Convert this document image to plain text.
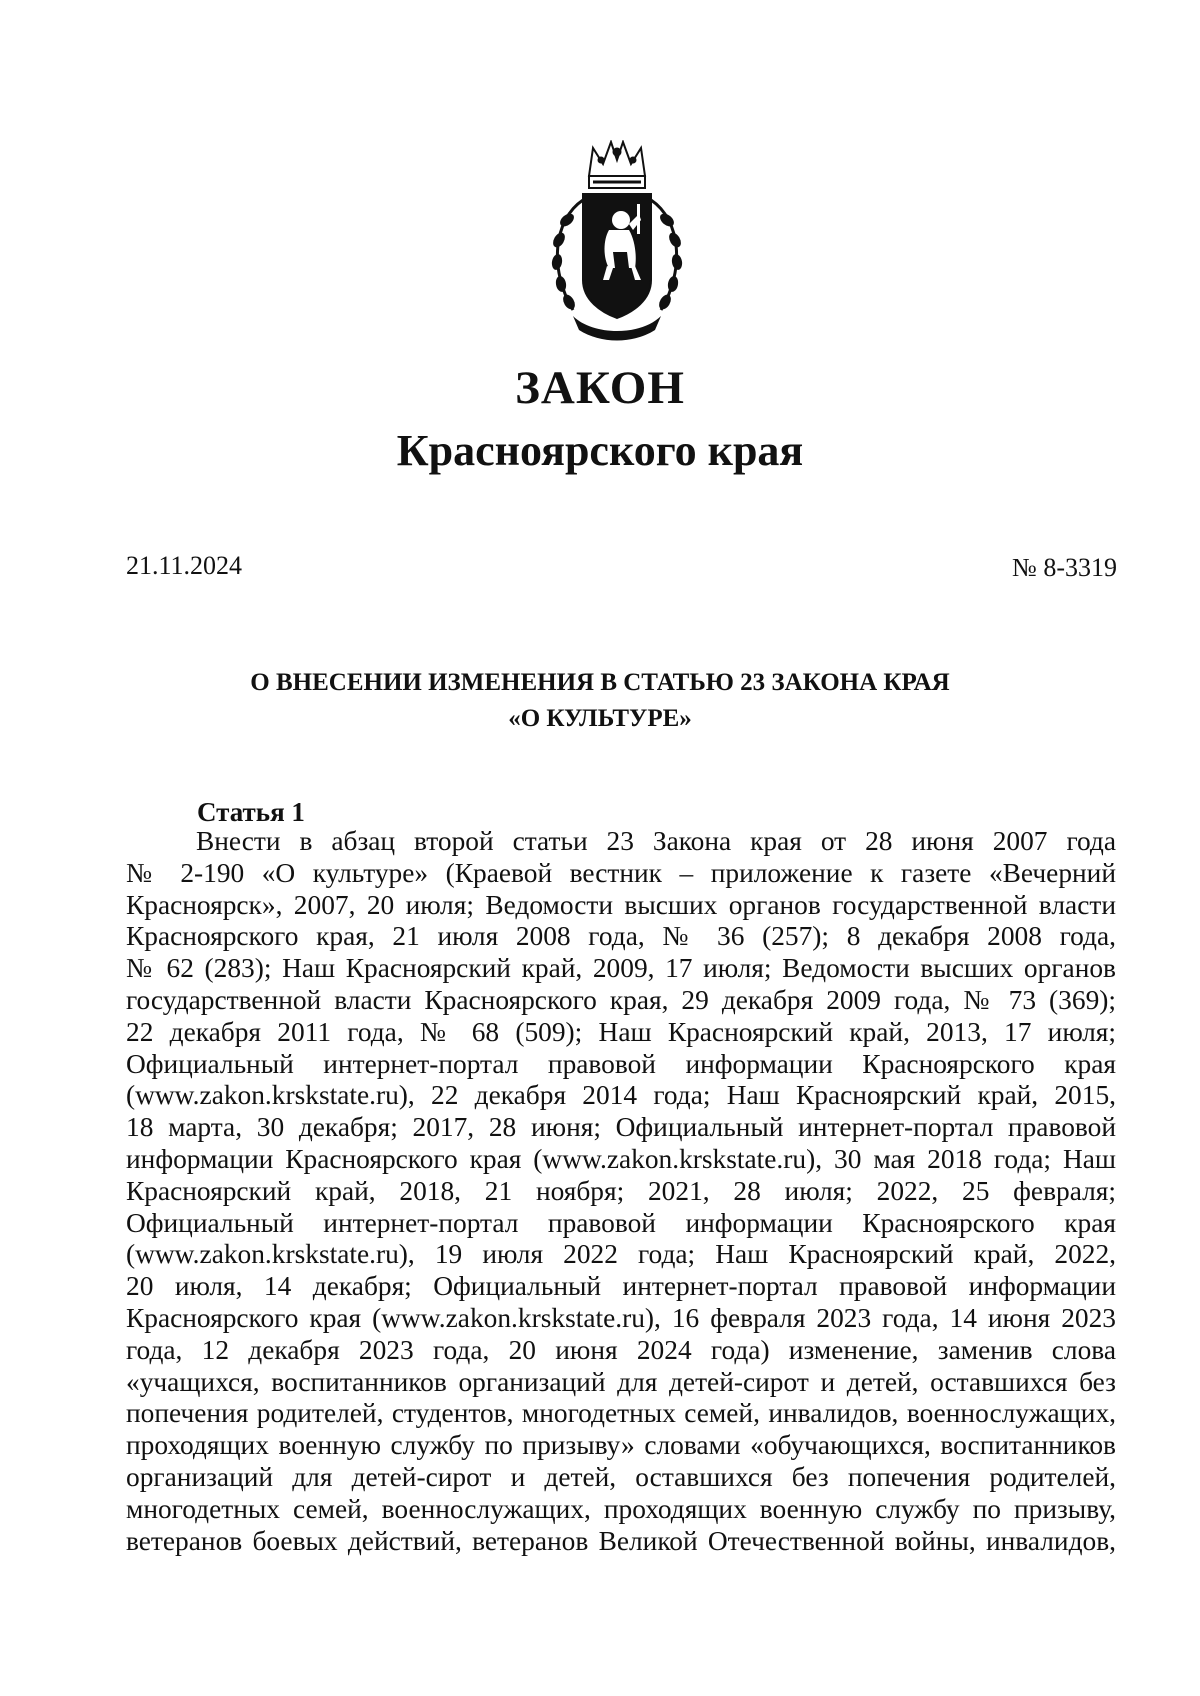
ЗАКОН
Красноярского края
21.11.2024	№ 8-3319
О ВНЕСЕНИИ ИЗМЕНЕНИЯ В СТАТЬЮ 23 ЗАКОНА КРАЯ
«О КУЛЬТУРЕ»
Статья 1
Внести в абзац второй статьи 23 Закона края от 28 июня 2007 года
№ 2-190 «О культуре» (Краевой вестник – приложение к газете «Вечерний
Красноярск», 2007, 20 июля; Ведомости высших органов государственной власти
Красноярского края, 21 июля 2008 года, № 36 (257); 8 декабря 2008 года,
№ 62 (283); Наш Красноярский край, 2009, 17 июля; Ведомости высших органов
государственной власти Красноярского края, 29 декабря 2009 года, № 73 (369);
22 декабря 2011 года, № 68 (509); Наш Красноярский край, 2013, 17 июля;
Официальный интернет-портал правовой информации Красноярского края
(www.zakon.krskstate.ru), 22 декабря 2014 года; Наш Красноярский край, 2015,
18 марта, 30 декабря; 2017, 28 июня; Официальный интернет-портал правовой
информации Красноярского края (www.zakon.krskstate.ru), 30 мая 2018 года; Наш
Красноярский край, 2018, 21 ноября; 2021, 28 июля; 2022, 25 февраля;
Официальный интернет-портал правовой информации Красноярского края
(www.zakon.krskstate.ru), 19 июля 2022 года; Наш Красноярский край, 2022,
20 июля, 14 декабря; Официальный интернет-портал правовой информации
Красноярского края (www.zakon.krskstate.ru), 16 февраля 2023 года, 14 июня 2023
года, 12 декабря 2023 года, 20 июня 2024 года) изменение, заменив слова
«учащихся, воспитанников организаций для детей-сирот и детей, оставшихся без
попечения родителей, студентов, многодетных семей, инвалидов, военнослужащих,
проходящих военную службу по призыву» словами «обучающихся, воспитанников
организаций для детей-сирот и детей, оставшихся без попечения родителей,
многодетных семей, военнослужащих, проходящих военную службу по призыву,
ветеранов боевых действий, ветеранов Великой Отечественной войны, инвалидов,
